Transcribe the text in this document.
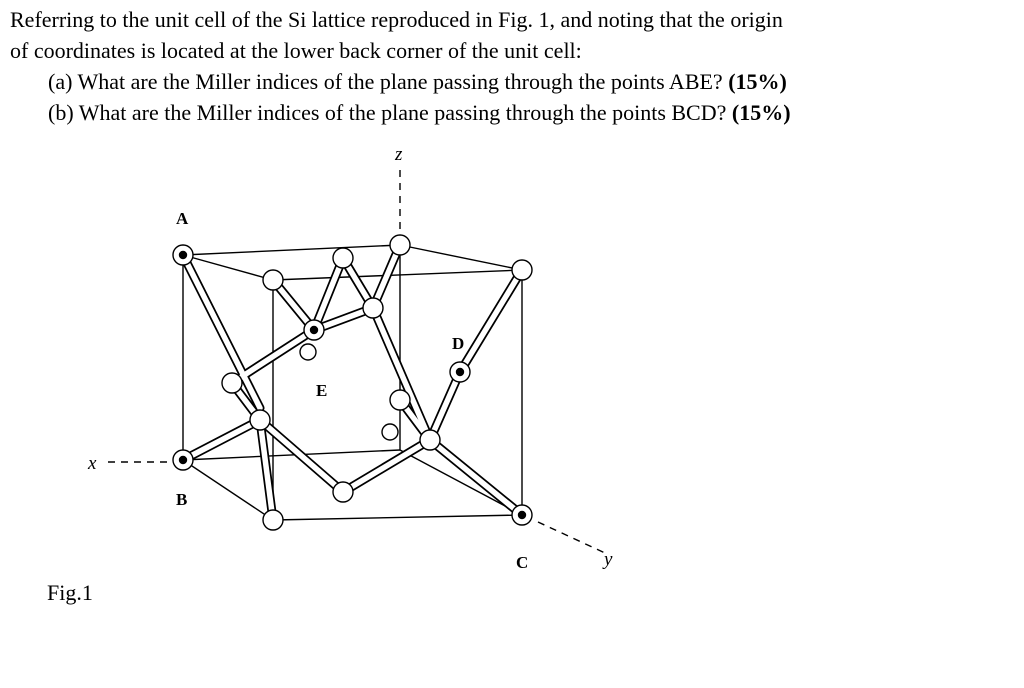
Referring to the unit cell of the Si lattice reproduced in Fig. 1, and noting that the origin
of coordinates is located at the lower back corner of the unit cell:
(a) What are the Miller indices of the plane passing through the points ABE? (15%)
(b) What are the Miller indices of the plane passing through the points BCD? (15%)
A
B
C
D
E
z
x
y
Fig.1
